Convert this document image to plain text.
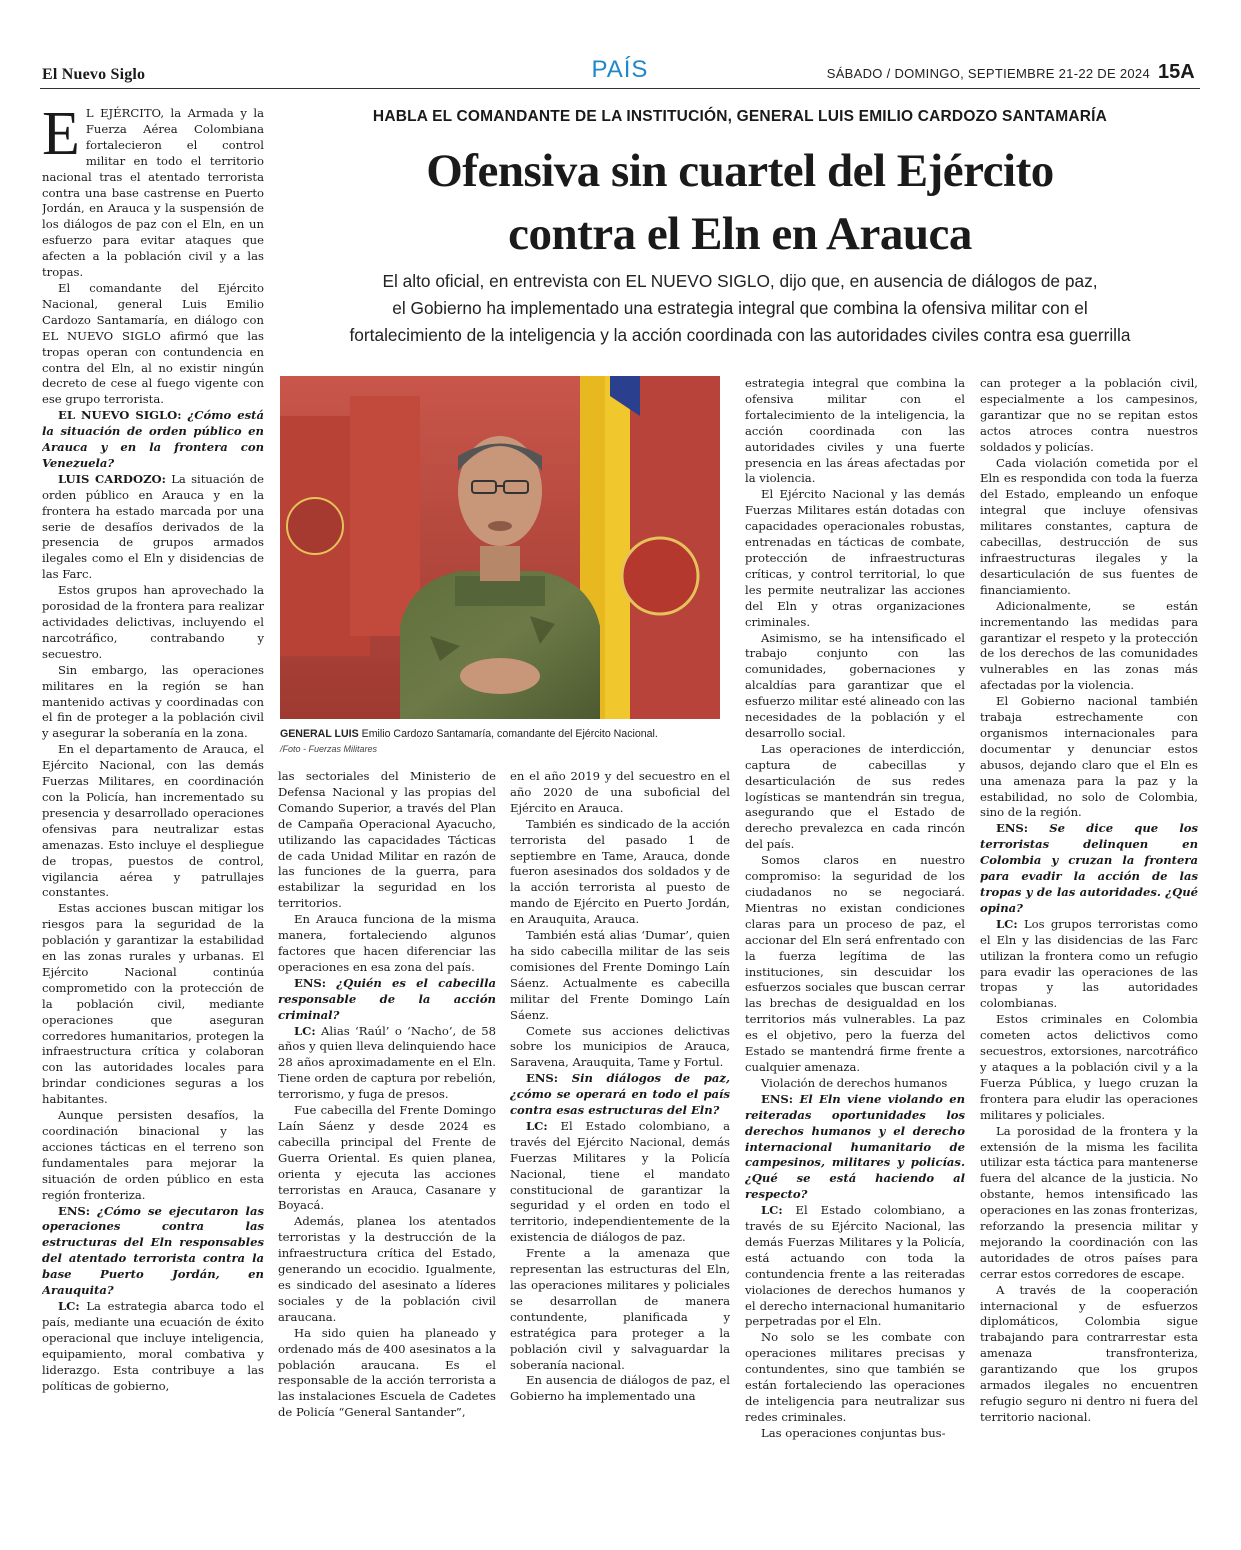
El Nuevo Siglo	PAÍS	SÁBADO / DOMINGO, SEPTIEMBRE 21-22 DE 2024 15A
HABLA EL COMANDANTE DE LA INSTITUCIÓN, GENERAL LUIS EMILIO CARDOZO SANTAMARÍA
Ofensiva sin cuartel del Ejército
contra el Eln en Arauca
El alto oficial, en entrevista con EL NUEVO SIGLO, dijo que, en ausencia de diálogos de paz,
el Gobierno ha implementado una estrategia integral que combina la ofensiva militar con el
fortalecimiento de la inteligencia y la acción coordinada con las autoridades civiles contra esa guerrilla

E L EJÉRCITO, la Armada y la Fuerza Aérea Colombiana fortalecieron el control militar en todo el territorio nacional tras el atentado terrorista contra una base castrense en Puerto Jordán, en Arauca y la suspensión de los diálogos de paz con el Eln, en un esfuerzo para evitar ataques que afecten a la población civil y a las tropas.

El comandante del Ejército Nacional, general Luis Emilio Cardozo Santamaría, en diálogo con EL NUEVO SIGLO afirmó que las tropas operan con contundencia en contra del Eln, al no existir ningún decreto de cese al fuego vigente con ese grupo terrorista.

EL NUEVO SIGLO: ¿Cómo está la situación de orden público en Arauca y en la frontera con Venezuela?

LUIS CARDOZO: La situación de orden público en Arauca y en la frontera ha estado marcada por una serie de desafíos derivados de la presencia de grupos armados ilegales como el Eln y disidencias de las Farc.

Estos grupos han aprovechado la porosidad de la frontera para realizar actividades delictivas, incluyendo el narcotráfico, contrabando y secuestro.

Sin embargo, las operaciones militares en la región se han mantenido activas y coordinadas con el fin de proteger a la población civil y asegurar la soberanía en la zona.

En el departamento de Arauca, el Ejército Nacional, con las demás Fuerzas Militares, en coordinación con la Policía, han incrementado su presencia y desarrollado operaciones ofensivas para neutralizar estas amenazas. Esto incluye el despliegue de tropas, puestos de control, vigilancia aérea y patrullajes constantes.

Estas acciones buscan mitigar los riesgos para la seguridad de la población y garantizar la estabilidad en las zonas rurales y urbanas. El Ejército Nacional continúa comprometido con la protección de la población civil, mediante operaciones que aseguran corredores humanitarios, protegen la infraestructura crítica y colaboran con las autoridades locales para brindar condiciones seguras a los habitantes.

Aunque persisten desafíos, la coordinación binacional y las acciones tácticas en el terreno son fundamentales para mejorar la situación de orden público en esta región fronteriza.

ENS: ¿Cómo se ejecutaron las operaciones contra las estructuras del Eln responsables del atentado terrorista contra la base Puerto Jordán, en Arauquita?

LC: La estrategia abarca todo el país, mediante una ecuación de éxito operacional que incluye inteligencia, equipamiento, moral combativa y liderazgo. Esta contribuye a las políticas de gobierno,

GENERAL LUIS Emilio Cardozo Santamaría, comandante del Ejército Nacional.
/Foto - Fuerzas Militares

las sectoriales del Ministerio de Defensa Nacional y las propias del Comando Superior, a través del Plan de Campaña Operacional Ayacucho, utilizando las capacidades Tácticas de cada Unidad Militar en razón de las funciones de la guerra, para estabilizar la seguridad en los territorios.

En Arauca funciona de la misma manera, fortaleciendo algunos factores que hacen diferenciar las operaciones en esa zona del país.

ENS: ¿Quién es el cabecilla responsable de la acción criminal?

LC: Alias ‘Raúl’ o ‘Nacho’, de 58 años y quien lleva delinquiendo hace 28 años aproximadamente en el Eln. Tiene orden de captura por rebelión, terrorismo, y fuga de presos.

Fue cabecilla del Frente Domingo Laín Sáenz y desde 2024 es cabecilla principal del Frente de Guerra Oriental. Es quien planea, orienta y ejecuta las acciones terroristas en Arauca, Casanare y Boyacá.

Además, planea los atentados terroristas y la destrucción de la infraestructura crítica del Estado, generando un ecocidio. Igualmente, es sindicado del asesinato a líderes sociales y de la población civil araucana.

Ha sido quien ha planeado y ordenado más de 400 asesinatos a la población araucana. Es el responsable de la acción terrorista a las instalaciones Escuela de Cadetes de Policía “General Santander”,

en el año 2019 y del secuestro en el año 2020 de una suboficial del Ejército en Arauca.

También es sindicado de la acción terrorista del pasado 1 de septiembre en Tame, Arauca, donde fueron asesinados dos soldados y de la acción terrorista al puesto de mando de Ejército en Puerto Jordán, en Arauquita, Arauca.

También está alias ‘Dumar’, quien ha sido cabecilla militar de las seis comisiones del Frente Domingo Laín Sáenz. Actualmente es cabecilla militar del Frente Domingo Laín Sáenz.

Comete sus acciones delictivas sobre los municipios de Arauca, Saravena, Arauquita, Tame y Fortul.

ENS: Sin diálogos de paz, ¿cómo se operará en todo el país contra esas estructuras del Eln?

LC: El Estado colombiano, a través del Ejército Nacional, demás Fuerzas Militares y la Policía Nacional, tiene el mandato constitucional de garantizar la seguridad y el orden en todo el territorio, independientemente de la existencia de diálogos de paz.

Frente a la amenaza que representan las estructuras del Eln, las operaciones militares y policiales se desarrollan de manera contundente, planificada y estratégica para proteger a la población civil y salvaguardar la soberanía nacional.

En ausencia de diálogos de paz, el Gobierno ha implementado una

estrategia integral que combina la ofensiva militar con el fortalecimiento de la inteligencia, la acción coordinada con las autoridades civiles y una fuerte presencia en las áreas afectadas por la violencia.

El Ejército Nacional y las demás Fuerzas Militares están dotadas con capacidades operacionales robustas, entrenadas en tácticas de combate, protección de infraestructuras críticas, y control territorial, lo que les permite neutralizar las acciones del Eln y otras organizaciones criminales.

Asimismo, se ha intensificado el trabajo conjunto con las comunidades, gobernaciones y alcaldías para garantizar que el esfuerzo militar esté alineado con las necesidades de la población y el desarrollo social.

Las operaciones de interdicción, captura de cabecillas y desarticulación de sus redes logísticas se mantendrán sin tregua, asegurando que el Estado de derecho prevalezca en cada rincón del país.

Somos claros en nuestro compromiso: la seguridad de los ciudadanos no se negociará. Mientras no existan condiciones claras para un proceso de paz, el accionar del Eln será enfrentado con la fuerza legítima de las instituciones, sin descuidar los esfuerzos sociales que buscan cerrar las brechas de desigualdad en los territorios más vulnerables. La paz es el objetivo, pero la fuerza del Estado se mantendrá firme frente a cualquier amenaza.

Violación de derechos humanos

ENS: El Eln viene violando en reiteradas oportunidades los derechos humanos y el derecho internacional humanitario de campesinos, militares y policías. ¿Qué se está haciendo al respecto?

LC: El Estado colombiano, a través de su Ejército Nacional, las demás Fuerzas Militares y la Policía, está actuando con toda la contundencia frente a las reiteradas violaciones de derechos humanos y el derecho internacional humanitario perpetradas por el Eln.

No solo se les combate con operaciones militares precisas y contundentes, sino que también se están fortaleciendo las operaciones de inteligencia para neutralizar sus redes criminales.

Las operaciones conjuntas bus-

can proteger a la población civil, especialmente a los campesinos, garantizar que no se repitan estos actos atroces contra nuestros soldados y policías.

Cada violación cometida por el Eln es respondida con toda la fuerza del Estado, empleando un enfoque integral que incluye ofensivas militares constantes, captura de cabecillas, destrucción de sus infraestructuras ilegales y la desarticulación de sus fuentes de financiamiento.

Adicionalmente, se están incrementando las medidas para garantizar el respeto y la protección de los derechos de las comunidades vulnerables en las zonas más afectadas por la violencia.

El Gobierno nacional también trabaja estrechamente con organismos internacionales para documentar y denunciar estos abusos, dejando claro que el Eln es una amenaza para la paz y la estabilidad, no solo de Colombia, sino de la región.

ENS: Se dice que los terroristas delinquen en Colombia y cruzan la frontera para evadir la acción de las tropas y de las autoridades. ¿Qué opina?

LC: Los grupos terroristas como el Eln y las disidencias de las Farc utilizan la frontera como un refugio para evadir las operaciones de las tropas y las autoridades colombianas.

Estos criminales en Colombia cometen actos delictivos como secuestros, extorsiones, narcotráfico y ataques a la población civil y a la Fuerza Pública, y luego cruzan la frontera para eludir las operaciones militares y policiales.

La porosidad de la frontera y la extensión de la misma les facilita utilizar esta táctica para mantenerse fuera del alcance de la justicia. No obstante, hemos intensificado las operaciones en las zonas fronterizas, reforzando la presencia militar y mejorando la coordinación con las autoridades de otros países para cerrar estos corredores de escape.

A través de la cooperación internacional y de esfuerzos diplomáticos, Colombia sigue trabajando para contrarrestar esta amenaza transfronteriza, garantizando que los grupos armados ilegales no encuentren refugio seguro ni dentro ni fuera del territorio nacional.
